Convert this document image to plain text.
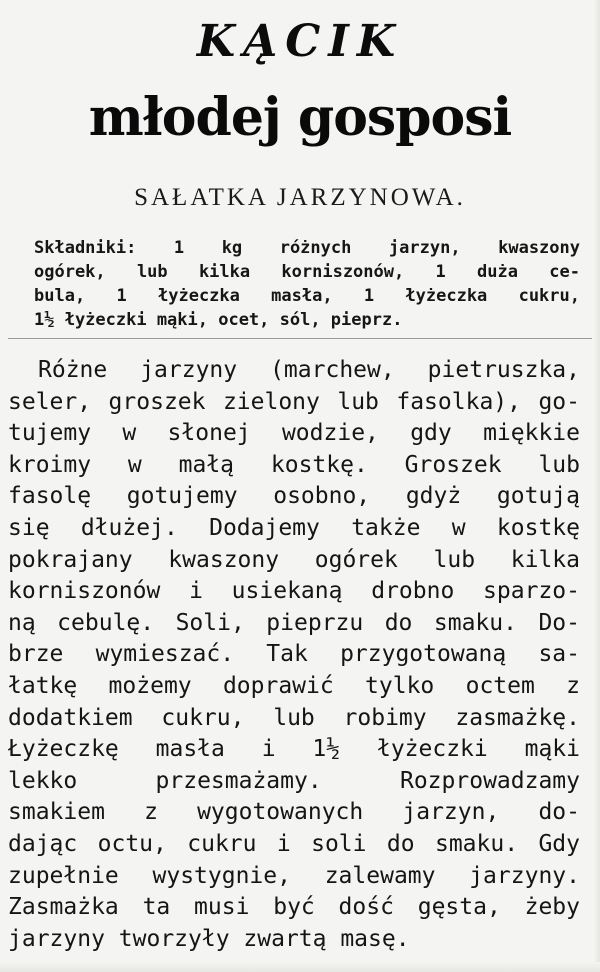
KĄCIK
młodej gosposi
SAŁATKA JARZYNOWA.
Składniki: 1 kg różnych jarzyn, kwaszony
ogórek, lub kilka korniszonów, 1 duża ce-
bula, 1 łyżeczka masła, 1 łyżeczka cukru,
1½ łyżeczki mąki, ocet, sól, pieprz.
Różne jarzyny (marchew, pietruszka,
seler, groszek zielony lub fasolka), go-
tujemy w słonej wodzie, gdy miękkie
kroimy w małą kostkę. Groszek lub
fasolę gotujemy osobno, gdyż gotują
się dłużej. Dodajemy także w kostkę
pokrajany kwaszony ogórek lub kilka
korniszonów i usiekaną drobno sparzo-
ną cebulę. Soli, pieprzu do smaku. Do-
brze wymieszać. Tak przygotowaną sa-
łatkę możemy doprawić tylko octem z
dodatkiem cukru, lub robimy zasmażkę.
Łyżeczkę masła i 1½ łyżeczki mąki
lekko przesmażamy. Rozprowadzamy
smakiem z wygotowanych jarzyn, do-
dając octu, cukru i soli do smaku. Gdy
zupełnie wystygnie, zalewamy jarzyny.
Zasmażka ta musi być dość gęsta, żeby
jarzyny tworzyły zwartą masę.
